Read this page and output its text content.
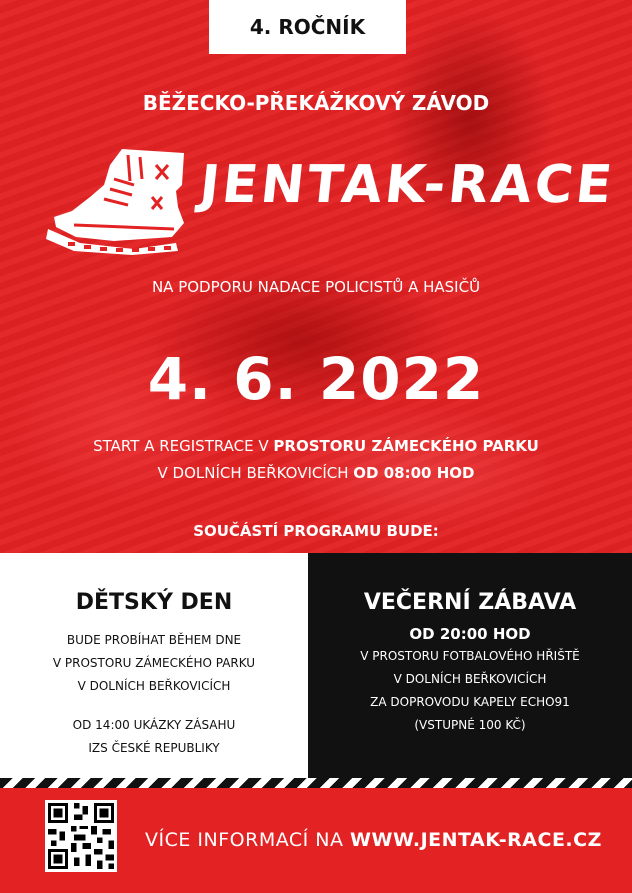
4. ROČNÍK
BĚŽECKO-PŘEKÁŽKOVÝ ZÁVOD
JENTAK-RACE
NA PODPORU NADACE POLICISTŮ A HASIČŮ
4. 6. 2022
START A REGISTRACE V PROSTORU ZÁMECKÉHO PARKU
V DOLNÍCH BEŘKOVICÍCH OD 08:00 HOD
SOUČÁSTÍ PROGRAMU BUDE:
DĚTSKÝ DEN
BUDE PROBÍHAT BĚHEM DNE
V PROSTORU ZÁMECKÉHO PARKU
V DOLNÍCH BEŘKOVICÍCH
OD 14:00 UKÁZKY ZÁSAHU
IZS ČESKÉ REPUBLIKY
VEČERNÍ ZÁBAVA
OD 20:00 HOD
V PROSTORU FOTBALOVÉHO HŘIŠTĚ
V DOLNÍCH BEŘKOVICÍCH
ZA DOPROVODU KAPELY ECHO91
(VSTUPNÉ 100 KČ)
VÍCE INFORMACÍ NA WWW.JENTAK-RACE.CZ
